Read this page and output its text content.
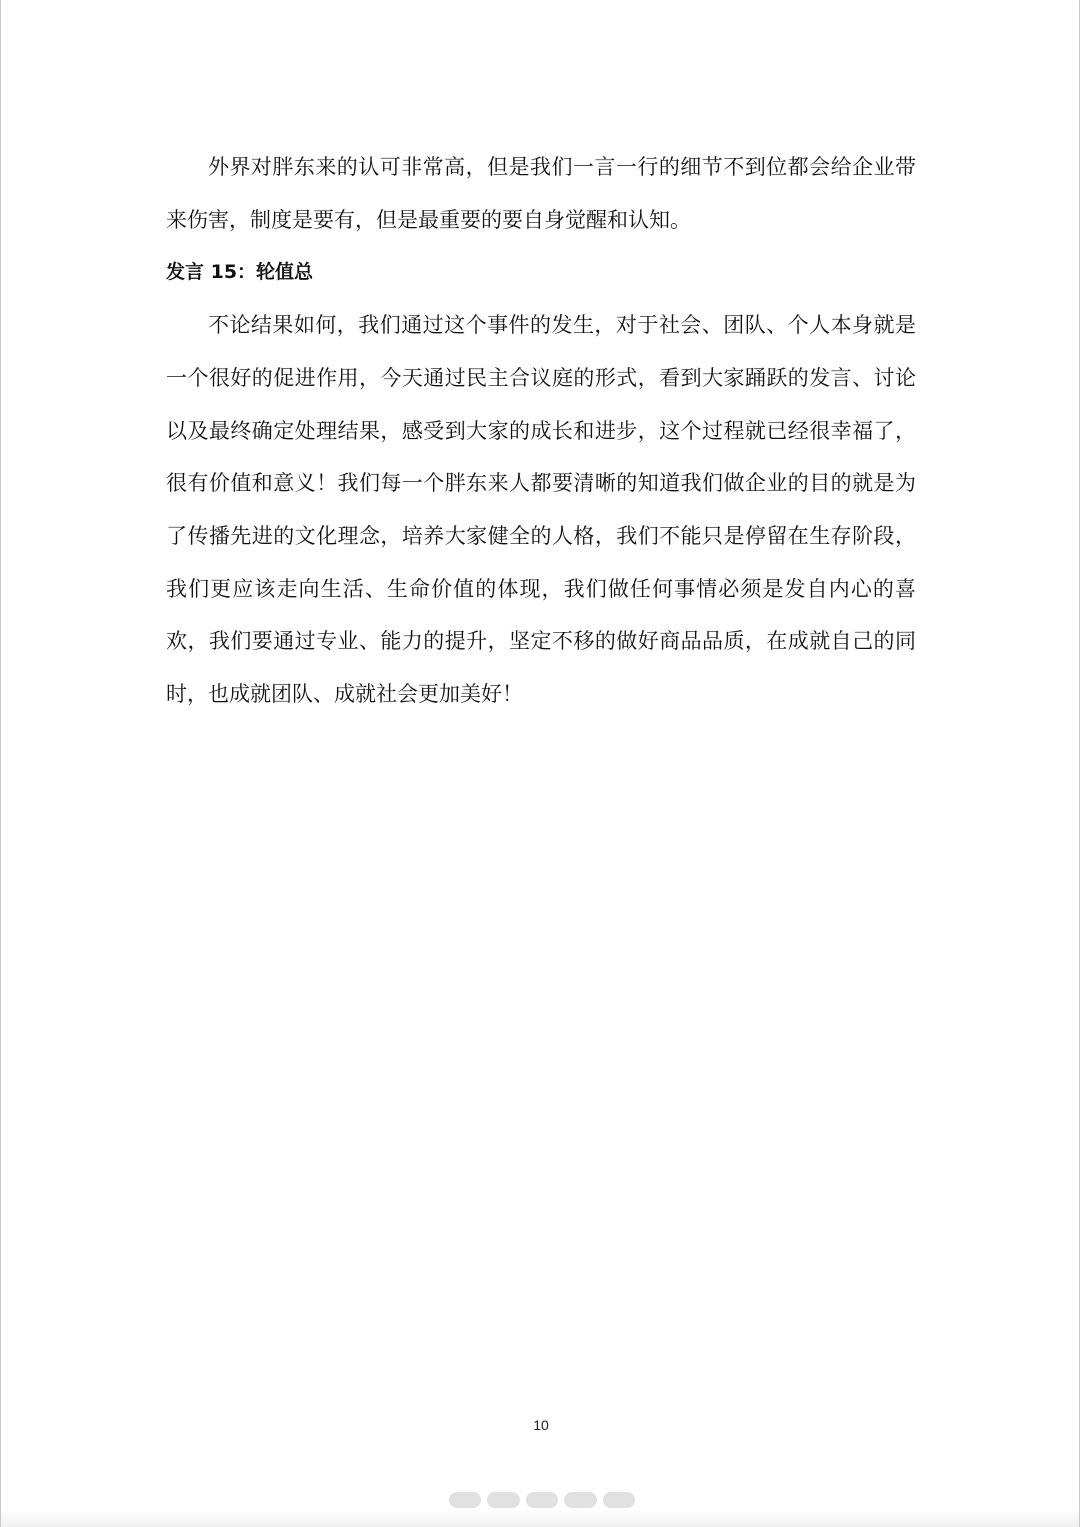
外界对胖东来的认可非常高，但是我们一言一行的细节不到位都会给企业带来伤害，制度是要有，但是最重要的要自身觉醒和认知。

发言 15：轮值总

不论结果如何，我们通过这个事件的发生，对于社会、团队、个人本身就是一个很好的促进作用，今天通过民主合议庭的形式，看到大家踊跃的发言、讨论以及最终确定处理结果，感受到大家的成长和进步，这个过程就已经很幸福了，很有价值和意义！我们每一个胖东来人都要清晰的知道我们做企业的目的就是为了传播先进的文化理念，培养大家健全的人格，我们不能只是停留在生存阶段，我们更应该走向生活、生命价值的体现，我们做任何事情必须是发自内心的喜欢，我们要通过专业、能力的提升，坚定不移的做好商品品质，在成就自己的同时，也成就团队、成就社会更加美好！

10
